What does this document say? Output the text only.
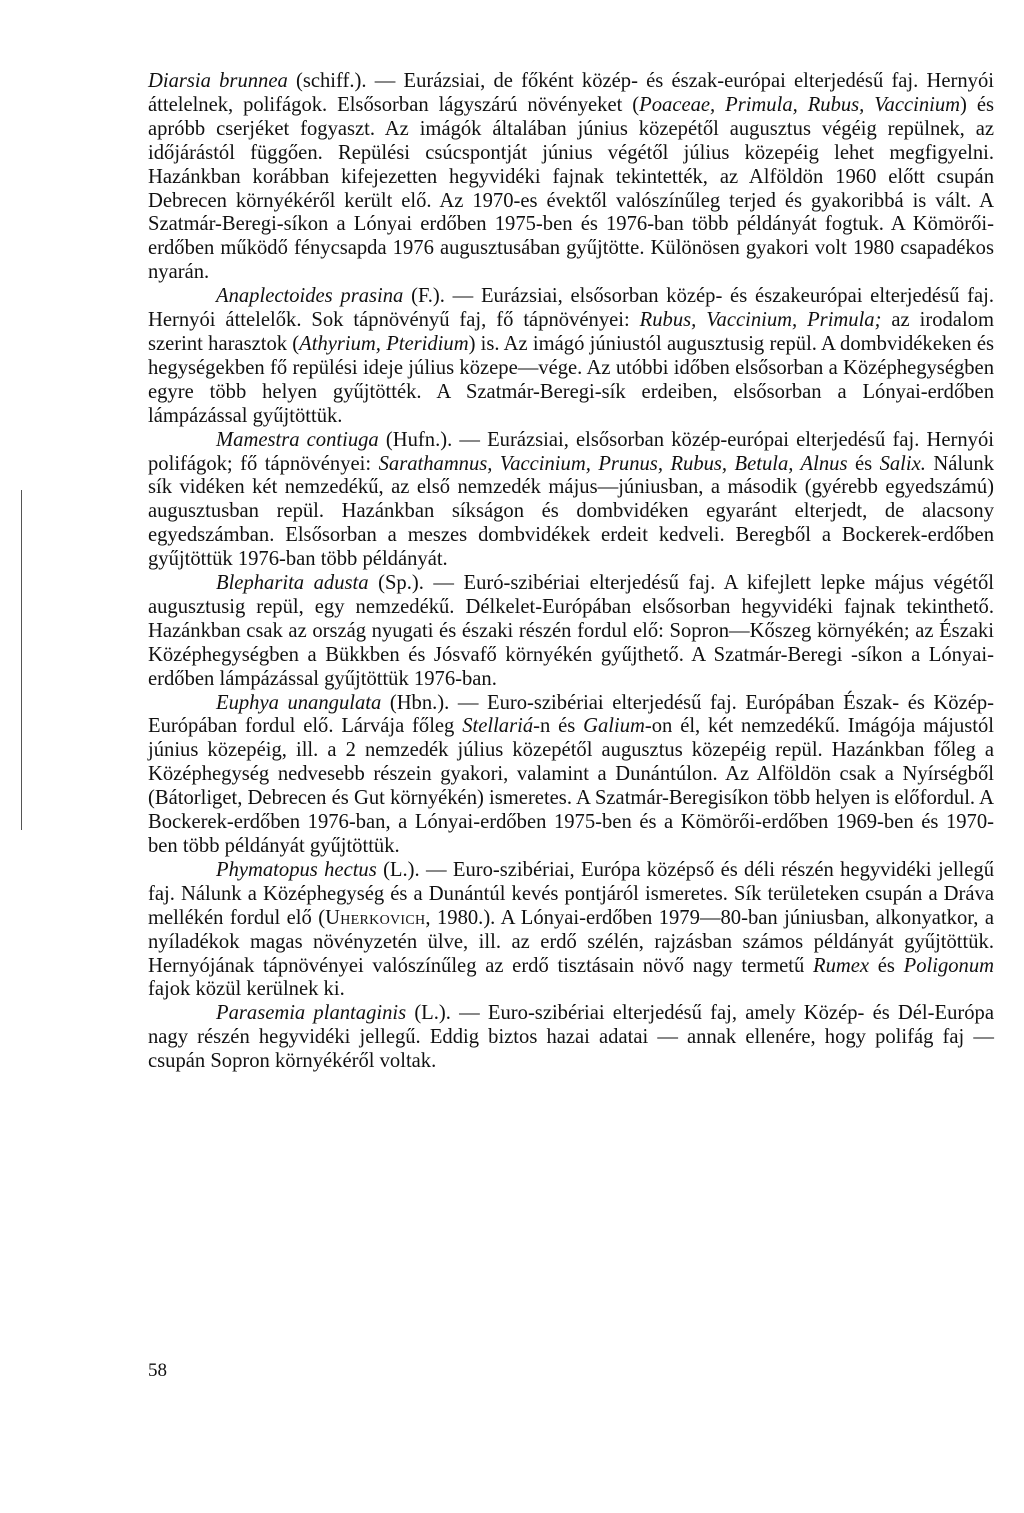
Diarsia brunnea (schiff.). — Eurázsiai, de főként közép- és észak-európai elterjedésű faj. Hernyói áttelelnek, polifágok. Elsősorban lágyszárú növényeket (Poaceae, Primula, Rubus, Vaccinium) és apróbb cserjéket fogyaszt. Az imágók általában június közepétől augusztus végéig repülnek, az időjárástól függően. Repülési csúcspontját június végétől július közepéig lehet megfigyelni. Hazánkban korábban kifejezetten hegyvidéki fajnak tekintették, az Alföldön 1960 előtt csupán Debrecen környékéről került elő. Az 1970-es évektől valószínűleg terjed és gyakoribbá is vált. A Szatmár-Beregi-síkon a Lónyai erdőben 1975-ben és 1976-ban több példányát fogtuk. A Kömörői-erdőben működő fénycsapda 1976 augusztusában gyűjtötte. Különösen gyakori volt 1980 csapadékos nyarán.

Anaplectoides prasina (F.). — Eurázsiai, elsősorban közép- és északeurópai elterjedésű faj. Hernyói áttelelők. Sok tápnövényű faj, fő tápnövényei: Rubus, Vaccinium, Primula; az irodalom szerint harasztok (Athyrium, Pteridium) is. Az imágó júniustól augusztusig repül. A dombvidékeken és hegységekben fő repülési ideje július közepe—vége. Az utóbbi időben elsősorban a Középhegységben egyre több helyen gyűjtötték. A Szatmár-Beregi-sík erdeiben, elsősorban a Lónyai-erdőben lámpázással gyűjtöttük.

Mamestra contiuga (Hufn.). — Eurázsiai, elsősorban közép-európai elterjedésű faj. Hernyói polifágok; fő tápnövényei: Sarathamnus, Vaccinium, Prunus, Rubus, Betula, Alnus és Salix. Nálunk sík vidéken két nemzedékű, az első nemzedék május—júniusban, a második (gyérebb egyedszámú) augusztusban repül. Hazánkban síkságon és dombvidéken egyaránt elterjedt, de alacsony egyedszámban. Elsősorban a meszes dombvidékek erdeit kedveli. Beregből a Bockerek-erdőben gyűjtöttük 1976-ban több példányát.

Blepharita adusta (Sp.). — Euró-szibériai elterjedésű faj. A kifejlett lepke május végétől augusztusig repül, egy nemzedékű. Délkelet-Európában elsősorban hegyvidéki fajnak tekinthető. Hazánkban csak az ország nyugati és északi részén fordul elő: Sopron—Kőszeg környékén; az Északi Középhegységben a Bükkben és Jósvafő környékén gyűjthető. A Szatmár-Beregi -síkon a Lónyai-erdőben lámpázással gyűjtöttük 1976-ban.

Euphya unangulata (Hbn.). — Euro-szibériai elterjedésű faj. Európában Észak- és Közép-Európában fordul elő. Lárvája főleg Stellariá-n és Galium-on él, két nemzedékű. Imágója májustól június közepéig, ill. a 2 nemzedék július közepétől augusztus közepéig repül. Hazánkban főleg a Középhegység nedvesebb részein gyakori, valamint a Dunántúlon. Az Alföldön csak a Nyírségből (Bátorliget, Debrecen és Gut környékén) ismeretes. A Szatmár-Beregisíkon több helyen is előfordul. A Bockerek-erdőben 1976-ban, a Lónyai-erdőben 1975-ben és a Kömörői-erdőben 1969-ben és 1970-ben több példányát gyűjtöttük.

Phymatopus hectus (L.). — Euro-szibériai, Európa középső és déli részén hegyvidéki jellegű faj. Nálunk a Középhegység és a Dunántúl kevés pontjáról ismeretes. Sík területeken csupán a Dráva mellékén fordul elő (Uherkovich, 1980.). A Lónyai-erdőben 1979—80-ban júniusban, alkonyatkor, a nyíladékok magas növényzetén ülve, ill. az erdő szélén, rajzásban számos példányát gyűjtöttük. Hernyójának tápnövényei valószínűleg az erdő tisztásain növő nagy termetű Rumex és Poligonum fajok közül kerülnek ki.

Parasemia plantaginis (L.). — Euro-szibériai elterjedésű faj, amely Közép- és Dél-Európa nagy részén hegyvidéki jellegű. Eddig biztos hazai adatai — annak ellenére, hogy polifág faj — csupán Sopron környékéről voltak.

58
